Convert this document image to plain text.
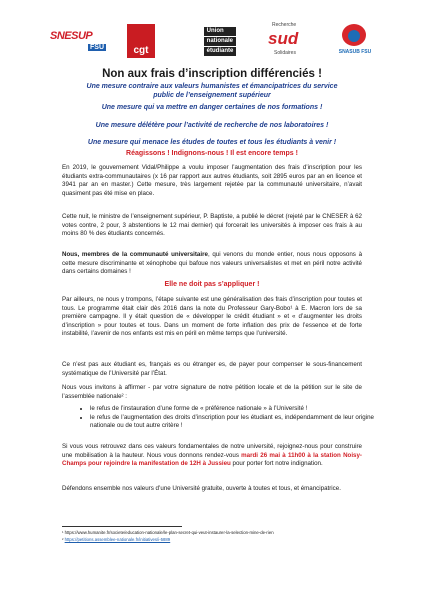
SNESUP
FSU	cgt
Union
nationale
étudiante
Recherche
sud
Solidaires	SNASUB FSU
Non aux frais d’inscription différenciés !
Une mesure contraire aux valeurs humanistes et émancipatrices du service
public de l’enseignement supérieur
Une mesure qui va mettre en danger certaines de nos formations !
Une mesure délétère pour l’activité de recherche de nos laboratoires !
Une mesure qui menace les études de toutes et tous les étudiants à venir !
Réagissons ! Indignons-nous ! Il est encore temps !

En 2019, le gouvernement Vidal/Philippe a voulu imposer l’augmentation des frais d’inscription pour les étudiants extra-communautaires (x 16 par rapport aux autres étudiants, soit 2895 euros par an en licence et 3941 par an en master.) Cette mesure, très largement rejetée par la communauté universitaire, n’avait quasiment pas été mise en place.

Cette nuit, le ministre de l’enseignement supérieur, P. Baptiste, a publié le décret (rejeté par le CNESER à 62 votes contre, 2 pour, 3 abstentions le 12 mai dernier) qui forcerait les universités à imposer ces frais à au moins 80 % des étudiants concernés.

Nous, membres de la communauté universitaire, qui venons du monde entier, nous nous opposons à cette mesure discriminante et xénophobe qui bafoue nos valeurs universalistes et met en péril notre activité dans certains domaines !

Elle ne doit pas s’appliquer !

Par ailleurs, ne nous y trompons, l’étape suivante est une généralisation des frais d’inscription pour toutes et tous. Le programme était clair dès 2016 dans la note du Professeur Gary-Bobo¹ à E. Macron lors de sa première campagne. Il y était question de « développer le crédit étudiant » et « d’augmenter les droits d’inscription » pour toutes et tous. Dans un moment de forte inflation des prix de l’essence et de forte instabilité, l’avenir de nos enfants est mis en péril en même temps que l’université.

Ce n’est pas aux étudiant es, français es ou étranger es, de payer pour compenser le sous-financement systématique de l’Université par l’État.

Nous vous invitons à affirmer - par votre signature de notre pétition locale et de la pétition sur le site de l’assemblée nationale² :

• le refus de l’instauration d’une forme de « préférence nationale » à l’Université !
• le refus de l’augmentation des droits d’inscription pour les étudiant es, indépendamment de leur origine nationale ou de tout autre critère !

Si vous vous retrouvez dans ces valeurs fondamentales de notre université, rejoignez-nous pour construire une mobilisation à la hauteur. Nous vous donnons rendez-vous mardi 26 mai à 11h00 à la station Noisy-Champs pour rejoindre la manifestation de 12H à Jussieu pour porter fort notre indignation.

Défendons ensemble nos valeurs d’une Université gratuite, ouverte à toutes et tous, et émancipatrice.

¹ https://www.humanite.fr/societe/education-nationale/le-plan-secret-qui-veut-instaurer-la-selection-mine-de-rien
² https://petitions.assemblee-nationale.fr/initiatives/i-5889
